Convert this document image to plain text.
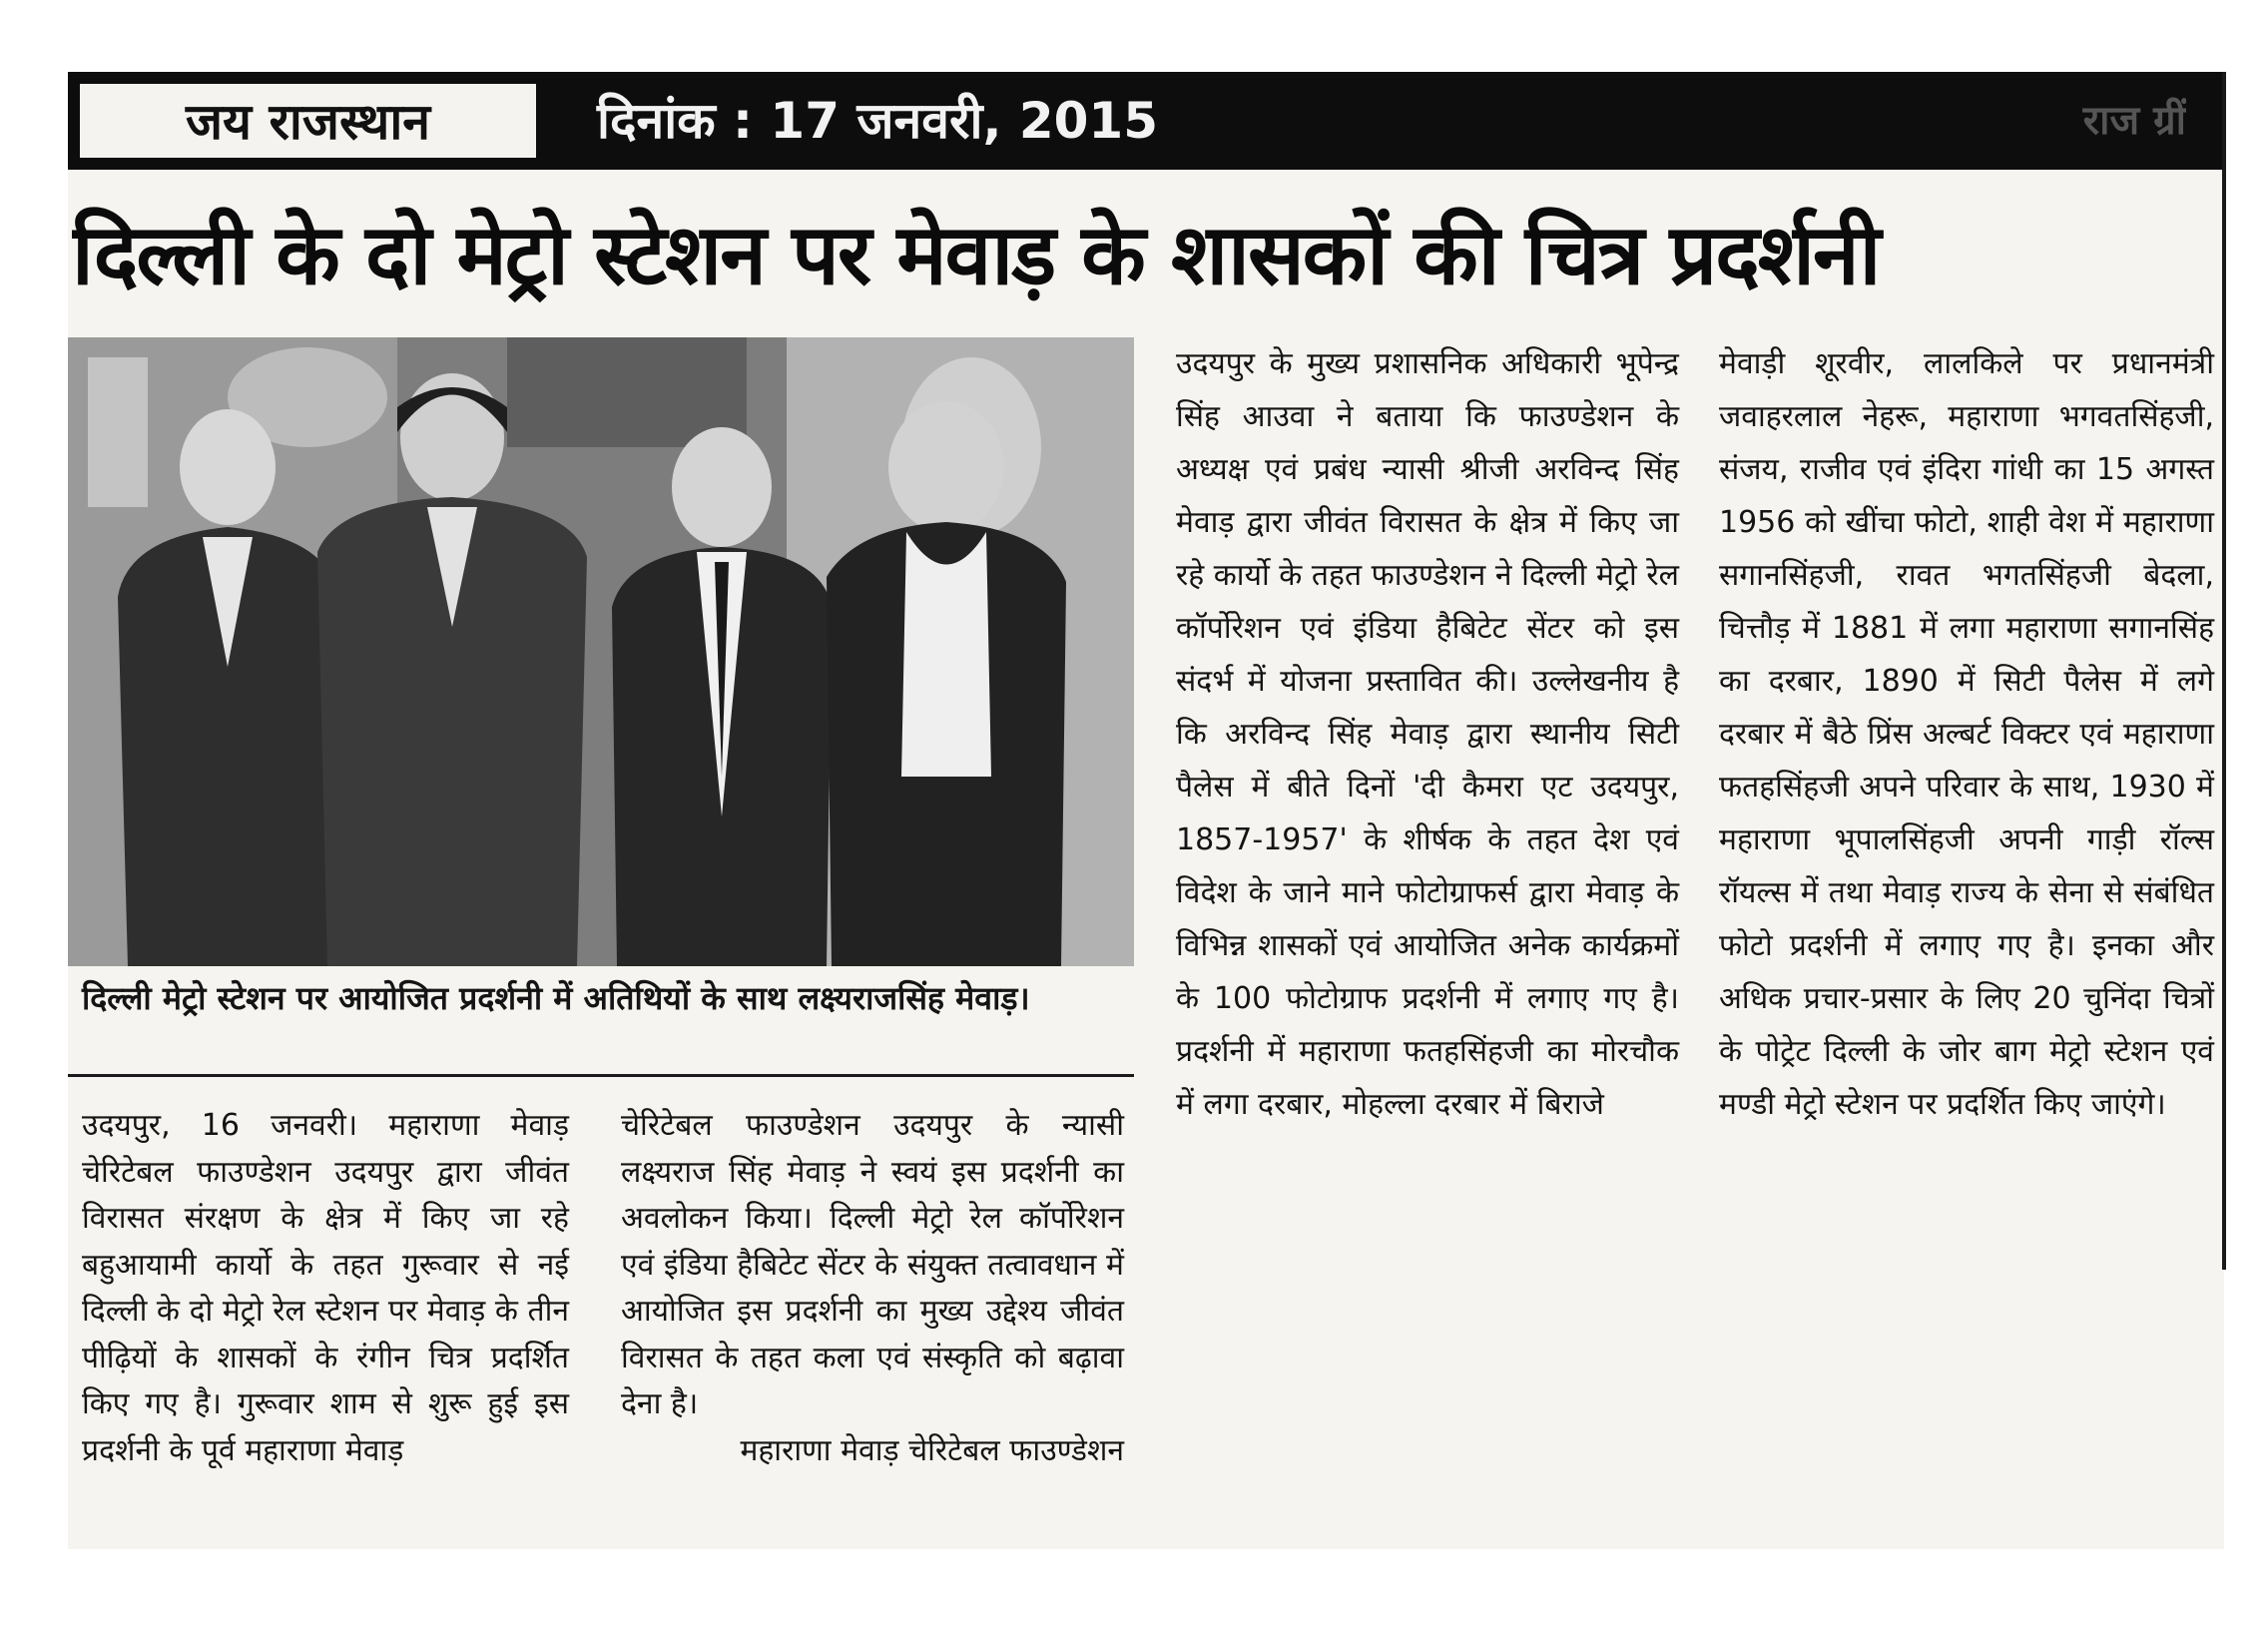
जय राजस्थान	दिनांक : 17 जनवरी, 2015	राज ग्रीं
दिल्ली के दो मेट्रो स्टेशन पर मेवाड़ के शासकों की चित्र प्रदर्शनी
दिल्ली मेट्रो स्टेशन पर आयोजित प्रदर्शनी में अतिथियों के साथ लक्ष्यराजसिंह मेवाड़।

उदयपुर, 16 जनवरी। महाराणा मेवाड़ चेरिटेबल फाउण्डेशन उदयपुर द्वारा जीवंत विरासत संरक्षण के क्षेत्र में किए जा रहे बहुआयामी कार्यो के तहत गुरूवार से नई दिल्ली के दो मेट्रो रेल स्टेशन पर मेवाड़ के तीन पीढ़ियों के शासकों के रंगीन चित्र प्रदर्शित किए गए है। गुरूवार शाम से शुरू हुई इस प्रदर्शनी के पूर्व महाराणा मेवाड़

चेरिटेबल फाउण्डेशन उदयपुर के न्यासी लक्ष्यराज सिंह मेवाड़ ने स्वयं इस प्रदर्शनी का अवलोकन किया। दिल्ली मेट्रो रेल कॉर्पोरेशन एवं इंडिया हैबिटेट सेंटर के संयुक्त तत्वावधान में आयोजित इस प्रदर्शनी का मुख्य उद्देश्य जीवंत विरासत के तहत कला एवं संस्कृति को बढ़ावा देना है।

महाराणा मेवाड़ चेरिटेबल फाउण्डेशन

उदयपुर के मुख्य प्रशासनिक अधिकारी भूपेन्द्र सिंह आउवा ने बताया कि फाउण्डेशन के अध्यक्ष एवं प्रबंध न्यासी श्रीजी अरविन्द सिंह मेवाड़ द्वारा जीवंत विरासत के क्षेत्र में किए जा रहे कार्यो के तहत फाउण्डेशन ने दिल्ली मेट्रो रेल कॉर्पोरेशन एवं इंडिया हैबिटेट सेंटर को इस संदर्भ में योजना प्रस्तावित की। उल्लेखनीय है कि अरविन्द सिंह मेवाड़ द्वारा स्थानीय सिटी पैलेस में बीते दिनों 'दी कैमरा एट उदयपुर, 1857-1957' के शीर्षक के तहत देश एवं विदेश के जाने माने फोटोग्राफर्स द्वारा मेवाड़ के विभिन्न शासकों एवं आयोजित अनेक कार्यक्रमों के 100 फोटोग्राफ प्रदर्शनी में लगाए गए है। प्रदर्शनी में महाराणा फतहसिंहजी का मोरचौक में लगा दरबार, मोहल्ला दरबार में बिराजे

मेवाड़ी शूरवीर, लालकिले पर प्रधानमंत्री जवाहरलाल नेहरू, महाराणा भगवतसिंहजी, संजय, राजीव एवं इंदिरा गांधी का 15 अगस्त 1956 को खींचा फोटो, शाही वेश में महाराणा सगानसिंहजी, रावत भगतसिंहजी बेदला, चित्तौड़ में 1881 में लगा महाराणा सगानसिंह का दरबार, 1890 में सिटी पैलेस में लगे दरबार में बैठे प्रिंस अल्बर्ट विक्टर एवं महाराणा फतहसिंहजी अपने परिवार के साथ, 1930 में महाराणा भूपालसिंहजी अपनी गाड़ी रॉल्स रॉयल्स में तथा मेवाड़ राज्य के सेना से संबंधित फोटो प्रदर्शनी में लगाए गए है। इनका और अधिक प्रचार-प्रसार के लिए 20 चुनिंदा चित्रों के पोट्रेट दिल्ली के जोर बाग मेट्रो स्टेशन एवं मण्डी मेट्रो स्टेशन पर प्रदर्शित किए जाएंगे।
